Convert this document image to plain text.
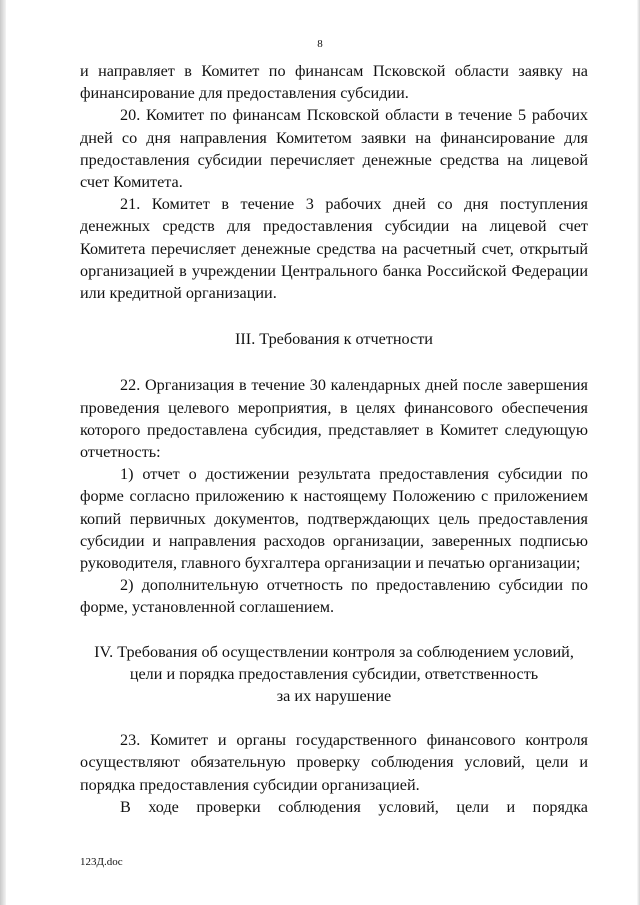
8

и направляет в Комитет по финансам Псковской области заявку на финансирование для предоставления субсидии.

20. Комитет по финансам Псковской области в течение 5 рабочих дней со дня направления Комитетом заявки на финансирование для предоставления субсидии перечисляет денежные средства на лицевой счет Комитета.

21. Комитет в течение 3 рабочих дней со дня поступления денежных средств для предоставления субсидии на лицевой счет Комитета перечисляет денежные средства на расчетный счет, открытый организацией в учреждении Центрального банка Российской Федерации или кредитной организации.

III. Требования к отчетности

22. Организация в течение 30 календарных дней после завершения проведения целевого мероприятия, в целях финансового обеспечения которого предоставлена субсидия, представляет в Комитет следующую отчетность:

1) отчет о достижении результата предоставления субсидии по форме согласно приложению к настоящему Положению с приложением копий первичных документов, подтверждающих цель предоставления субсидии и направления расходов организации, заверенных подписью руководителя, главного бухгалтера организации и печатью организации;

2) дополнительную отчетность по предоставлению субсидии по форме, установленной соглашением.

IV. Требования об осуществлении контроля за соблюдением условий,
цели и порядка предоставления субсидии, ответственность
за их нарушение

23. Комитет и органы государственного финансового контроля осуществляют обязательную проверку соблюдения условий, цели и порядка предоставления субсидии организацией.

В ходе проверки соблюдения условий, цели и порядка

123Д.doc
